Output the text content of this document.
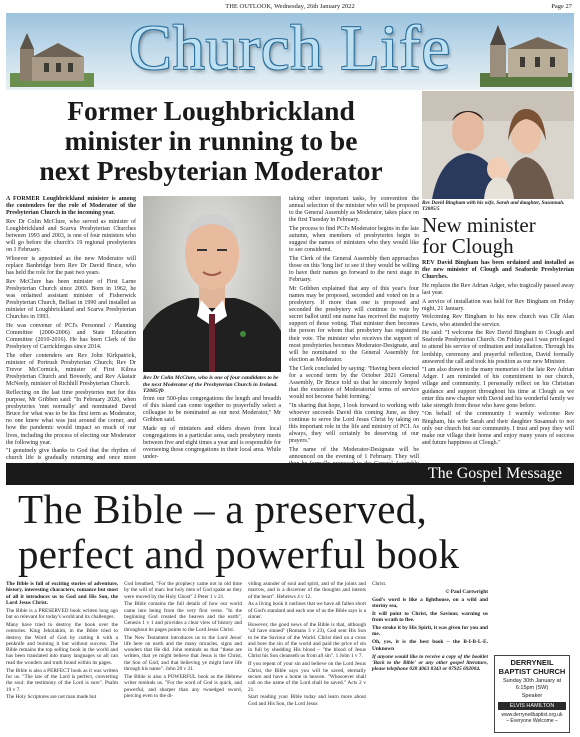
THE OUTLOOK, Wednesday, 26th January 2022	Page 27
Church Life
Former Loughbrickland
minister in running to be
next Presbyterian Moderator

A FORMER Loughbrickland minister is among the contenders for the role of Moderator of the Presbyterian Church in the incoming year.

Rev Dr Colin McClure, who served as minister of Loughbrickland and Scarva Presbyterian Churches between 1993 and 2003, is one of four ministers who will go before the church's 19 regional presbyteries on 1 February.

Whoever is appointed as the new Moderator will replace Banbridge born Rev Dr David Bruce, who has held the role for the past two years.

Rev McClure has been minister of First Larne Presbyterian Church since 2003. Born in 1962, he was ordained assistant minister of Fisherwick Presbyterian Church, Belfast in 1990 and installed as minister of Loughbrickland and Scarva Presbyterian Churches in 1993.

He was convener of PCI's Personnel / Planning Committee (2000-2006) and State Education Committee (2010-2016). He has been Clerk of the Presbytery of Carrickfergus since 2014.

The other contenders are Rev John Kirkpatrick, minister of Portrush Presbyterian Church; Rev Dr Trevor McCormick, minister of First Kilrea Presbyterian Church and Boveedy, and Rev Alastair McNeely, minister of Richhill Presbyterian Church.

Reflecting on the last time presbyteries met for this purpose, Mr Gribben said: "In February 2020, when presbyteries 'met normally' and nominated David Bruce for what was to be his first term as Moderator, no one knew what was just around the corner, and how the pandemic would impact so much of our lives, including the process of electing our Moderator the following year.

"I genuinely give thanks to God that the rhythm of church life is gradually returning and once more

Rev Dr Colin McClure, who is one of four candidates to be the next Moderator of the Presbyterian Church in Ireland. T2085/fb

taking other important tasks, by convention the annual selection of the minister who will be proposed to the General Assembly as Moderator, takes place on the first Tuesday in February.

The process to find PCI's Moderator begins in the late autumn, when members of presbyteries begin to suggest the names of ministers who they would like to see considered.

The Clerk of the General Assembly then approaches those on this 'long list' to see if they would be willing to have their names go forward to the next stage in February.

Mr Gribben explained that any of this year's four names may be proposed, seconded and voted on in a presbytery. If more than one is proposed and seconded the presbytery will continue to vote by secret ballot until one name has received the majority support of those voting. That minister then becomes the person for whom that presbytery has registered their vote. The minister who receives the support of most presbyteries becomes Moderator-Designate, and will be nominated to the General Assembly for election as Moderator.

The Clerk concluded by saying: "Having been elected for a second term by the October 2021 General Assembly, Dr Bruce told us that he sincerely hoped that the extension of Moderatorial terms of service would not become 'habit forming.'

"In sharing that hope, I look forward to working with whoever succeeds David this coming June, as they continue to serve the Lord Jesus Christ by taking on this important role in the life and ministry of PCI. As always, they will certainly be deserving of our prayers."

The name of the Moderator-Designate will be announced on the evening of 1 February. They will

Rev David Bingham with his wife, Sarah and daughter, Susannah. T2085/5
New minister
for Clough

REV David Bingham has been ordained and installed as the new minister of Clough and Seaforde Presbyterian Churches.

He replaces the Rev Adrian Adger, who tragically passed away last year.

A service of installation was held for Rev Bingham on Friday night, 21 January.

Welcoming Rev Bingham to his new church was Cllr Alan Lewis, who attended the service.

He said: "I welcome the Rev David Bingham to Clough and Seaforde Presbyterian Church. On Friday past I was privileged to attend his service of ordination and installation. Through his lordship, ceremony and prayerful reflection, David formally answered the call and took his position as our new Minister.

"I am also drawn to the many memories of the late Rev Adrian Adger. I am reminded of his commitment to our church, village and community. I personally reflect on his Christian guidance and support throughout his time at Clough as we enter this new chapter with David and his wonderful family we take strength from those who have gone before.

"On behalf of the community I warmly welcome Rev Bingham, his wife Sarah and their daughter Susannah to not only our church but our community. I trust and pray they will make our village their home and enjoy many years of success and future happiness at Clough."

The Gospel Message
The Bible – a preserved,
perfect and powerful book

The Bible is full of exciting stories of adventure, history, interesting characters, romance but most of all it introduces us to God and His Son, the Lord Jesus Christ.

The Bible is a PRESERVED book written long ago but so relevant for today's world and its challenges.

Many have tried to destroy the book over the centuries. King Jehoiakim, in the Bible tried to destroy the Word of God by cutting it with a penknife and burning it but without success. The Bible remains the top selling book in the world and has been translated into many languages so all can read the wonders and truth found within its pages.

The Bible is also a PERFECT book as it was written for us. "The law of the Lord is perfect, converting the soul: the testimony of the Lord is sure". Psalm 19 v 7.

The Holy Scriptures are not man made but

God breathed, "For the prophecy came not in old time by the will of man: but holy men of God spake as they were moved by the Holy Ghost" 2 Peter 1 v 21.

The Bible contains the full details of how our world came into being from the very first verse. "In the beginning God created the heaven and the earth", Genesis 1 v 1 and provides a clear view of history and throughout its pages points to the Lord Jesus Christ.

The New Testament introduces us to the Lord Jesus' life here on earth and the many miracles, signs and wonders that He did. John reminds us that "these are written, that ye might believe that Jesus is the Christ, the Son of God; and that believing ye might have life through his name". John 20 v 31.

The Bible is also a POWERFUL book as the Hebrew writer reminds us. "For the word of God is quick, and powerful, and sharper than any twoedged sword, piercing even to the di-

viding asunder of soul and spirit, and of the joints and marrow, and is a discerner of the thoughts and intents of the heart". Hebrews 4 v 12.

As a living book it outlines that we have all fallen short of God's standard and each one of us the Bible says is a sinner.

However, the good news of the Bible is that, although "all have sinned" (Romans 3 v 23), God sent His Son to be the Saviour of the World. Christ died on a cross and bore the sin of the world and paid the price of sin in full by shedding His blood – "the blood of Jesus Christ his Son cleanseth us from all sin". 1 John 1 v 7.

If you repent of your sin and believe on the Lord Jesus Christ, the Bible says you will be saved, eternally secure and have a home in heaven. "Whosoever shall call on the name of the Lord shall be saved." Acts 2 v 21.

Start reading your Bible today and learn more about God and His Son, the Lord Jesus

Christ.

© Paul Cartwright

God's word is like a lighthouse, on a wild and stormy sea,

It will point to Christ, the Saviour, warning us from wrath to flee.

The stroke it by His Spirit, it was given for you and me.

Oh, yes, it is the best book – the B-I-B-L-E. Unknown

If anyone would like to receive a copy of the booklet 'Back to the Bible' or any other gospel literature, please telephone 028 4063 8343 or 07925 692004.

DERRYNEIL BAPTIST CHURCH
Sunday 30th January at 6:15pm (SW)
Speaker
ELVIS HAMILTON
www.derryneilbaptist.org.uk
– Everyone Welcome –

from our 500-plus congregations the length and breadth of this island can come together to prayerfully select a colleague to be nominated as our next Moderator," Mr Gribben said.

Made up of ministers and elders drawn from local congregations in a particular area, each presbytery meets between five and eight times a year and is responsible for overseeing those congregations in their local area. While under-
